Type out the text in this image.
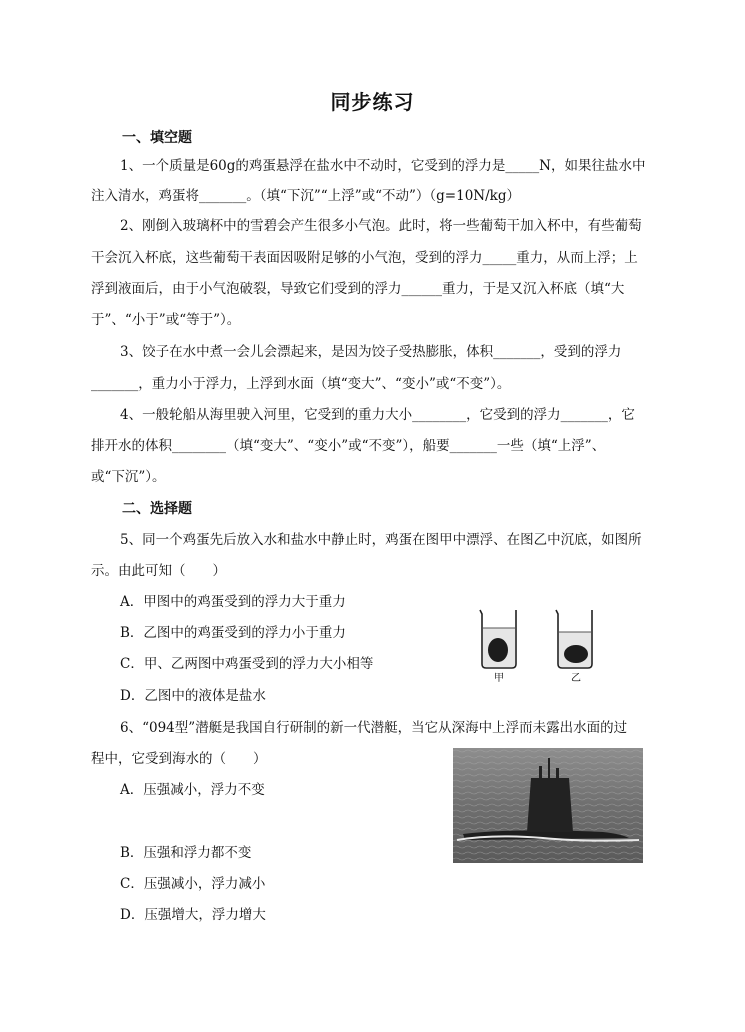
同步练习
一、填空题
1、一个质量是60g的鸡蛋悬浮在盐水中不动时，它受到的浮力是_____N，如果往盐水中
注入清水，鸡蛋将_______。（填“下沉”“上浮”或“不动”）（g=10N/kg）
2、刚倒入玻璃杯中的雪碧会产生很多小气泡。此时，将一些葡萄干加入杯中，有些葡萄
干会沉入杯底，这些葡萄干表面因吸附足够的小气泡，受到的浮力_____重力，从而上浮；上
浮到液面后，由于小气泡破裂，导致它们受到的浮力______重力，于是又沉入杯底（填“大
于”、“小于”或“等于”）。
3、饺子在水中煮一会儿会漂起来，是因为饺子受热膨胀，体积_______，受到的浮力
_______，重力小于浮力，上浮到水面（填“变大”、“变小”或“不变”）。
4、一般轮船从海里驶入河里，它受到的重力大小________，它受到的浮力_______，它
排开水的体积________（填“变大”、“变小”或“不变”），船要_______一些（填“上浮”、
或“下沉”）。
二、选择题
5、同一个鸡蛋先后放入水和盐水中静止时，鸡蛋在图甲中漂浮、在图乙中沉底，如图所
示。由此可知（　　）
A．甲图中的鸡蛋受到的浮力大于重力
B．乙图中的鸡蛋受到的浮力小于重力
C．甲、乙两图中鸡蛋受到的浮力大小相等
D．乙图中的液体是盐水
甲	乙
6、“094型”潜艇是我国自行研制的新一代潜艇，当它从深海中上浮而未露出水面的过
程中，它受到海水的（　　）
A．压强减小，浮力不变
B．压强和浮力都不变
C．压强减小，浮力减小
D．压强增大，浮力增大
